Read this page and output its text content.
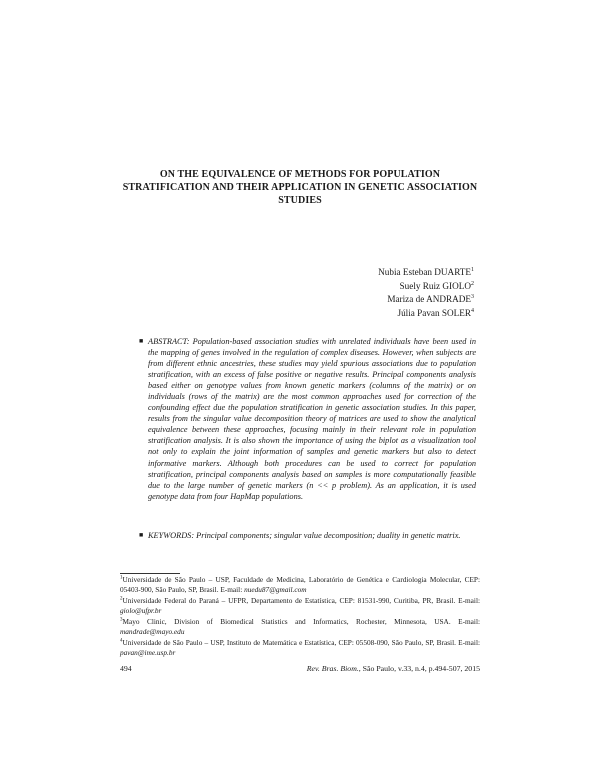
ON THE EQUIVALENCE OF METHODS FOR POPULATION STRATIFICATION AND THEIR APPLICATION IN GENETIC ASSOCIATION STUDIES
Nubia Esteban DUARTE$^1$
Suely Ruiz GIOLO$^2$
Mariza de ANDRADE$^3$
Júlia Pavan SOLER$^4$

■ ABSTRACT: Population-based association studies with unrelated individuals have been used in the mapping of genes involved in the regulation of complex diseases. However, when subjects are from different ethnic ancestries, these studies may yield spurious associations due to population stratification, with an excess of false positive or negative results. Principal components analysis based either on genotype values from known genetic markers (columns of the matrix) or on individuals (rows of the matrix) are the most common approaches used for correction of the confounding effect due the population stratification in genetic association studies. In this paper, results from the singular value decomposition theory of matrices are used to show the analytical equivalence between these approaches, focusing mainly in their relevant role in population stratification analysis. It is also shown the importance of using the biplot as a visualization tool not only to explain the joint information of samples and genetic markers but also to detect informative markers. Although both procedures can be used to correct for population stratification, principal components analysis based on samples is more computationally feasible due to the large number of genetic markers (n << p problem). As an application, it is used genotype data from four HapMap populations.

■ KEYWORDS: Principal components; singular value decomposition; duality in genetic matrix.

$^1$Universidade de São Paulo – USP, Faculdade de Medicina, Laboratório de Genética e Cardiologia Molecular, CEP: 05403-900, São Paulo, SP, Brasil. E-mail: nuedu87@gmail.com

$^2$Universidade Federal do Paraná – UFPR, Departamento de Estatística, CEP: 81531-990, Curitiba, PR, Brasil. E-mail: giolo@ufpr.br

$^3$Mayo Clinic, Division of Biomedical Statistics and Informatics, Rochester, Minnesota, USA. E-mail: mandrade@mayo.edu

$^4$Universidade de São Paulo – USP, Instituto de Matemática e Estatística, CEP: 05508-090, São Paulo, SP, Brasil. E-mail: pavan@ime.usp.br

494	Rev. Bras. Biom., São Paulo, v.33, n.4, p.494-507, 2015
